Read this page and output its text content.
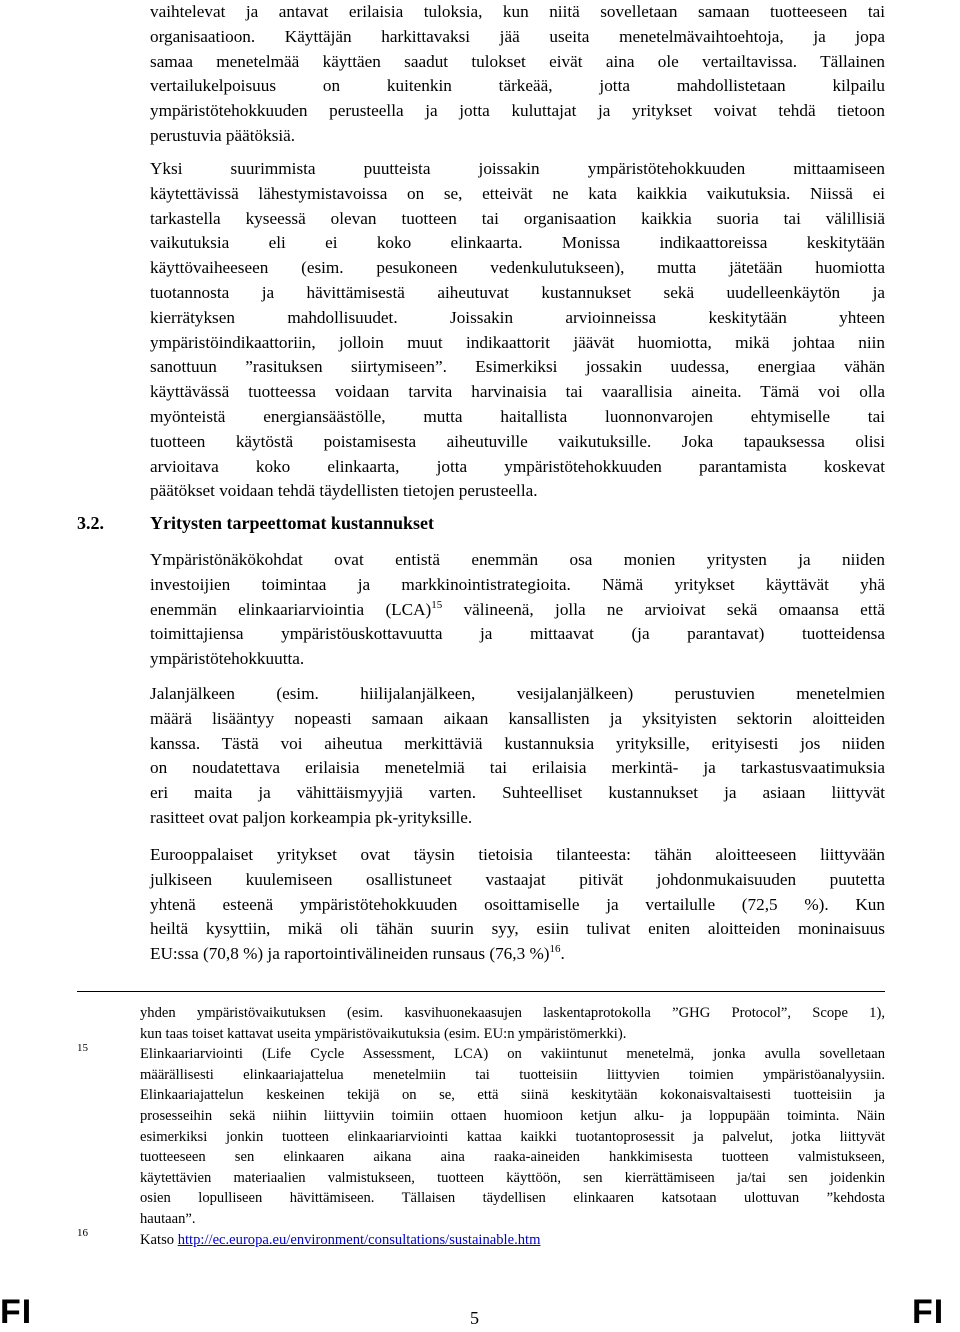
vaihtelevat ja antavat erilaisia tuloksia, kun niitä sovelletaan samaan tuotteeseen tai
organisaatioon. Käyttäjän harkittavaksi jää useita menetelmävaihtoehtoja, ja jopa
samaa menetelmää käyttäen saadut tulokset eivät aina ole vertailtavissa. Tällainen
vertailukelpoisuus on kuitenkin tärkeää, jotta mahdollistetaan kilpailu
ympäristötehokkuuden perusteella ja jotta kuluttajat ja yritykset voivat tehdä tietoon
perustuvia päätöksiä.
Yksi suurimmista puutteista joissakin ympäristötehokkuuden mittaamiseen
käytettävissä lähestymistavoissa on se, etteivät ne kata kaikkia vaikutuksia. Niissä ei
tarkastella kyseessä olevan tuotteen tai organisaation kaikkia suoria tai välillisiä
vaikutuksia eli ei koko elinkaarta. Monissa indikaattoreissa keskitytään
käyttövaiheeseen (esim. pesukoneen vedenkulutukseen), mutta jätetään huomiotta
tuotannosta ja hävittämisestä aiheutuvat kustannukset sekä uudelleenkäytön ja
kierrätyksen mahdollisuudet. Joissakin arvioinneissa keskitytään yhteen
ympäristöindikaattoriin, jolloin muut indikaattorit jäävät huomiotta, mikä johtaa niin
sanottuun ”rasituksen siirtymiseen”. Esimerkiksi jossakin uudessa, energiaa vähän
käyttävässä tuotteessa voidaan tarvita harvinaisia tai vaarallisia aineita. Tämä voi olla
myönteistä energiansäästölle, mutta haitallista luonnonvarojen ehtymiselle tai
tuotteen käytöstä poistamisesta aiheutuville vaikutuksille. Joka tapauksessa olisi
arvioitava koko elinkaarta, jotta ympäristötehokkuuden parantamista koskevat
päätökset voidaan tehdä täydellisten tietojen perusteella.
3.2.	Yritysten tarpeettomat kustannukset
Ympäristönäkökohdat ovat entistä enemmän osa monien yritysten ja niiden
investoijien toimintaa ja markkinointistrategioita. Nämä yritykset käyttävät yhä
enemmän elinkaariarviointia (LCA)$^{15}$ välineenä, jolla ne arvioivat sekä omaansa että
toimittajiensa ympäristöuskottavuutta ja mittaavat (ja parantavat) tuotteidensa
ympäristötehokkuutta.
Jalanjälkeen (esim. hiilijalanjälkeen, vesijalanjälkeen) perustuvien menetelmien
määrä lisääntyy nopeasti samaan aikaan kansallisten ja yksityisten sektorin aloitteiden
kanssa. Tästä voi aiheutua merkittäviä kustannuksia yrityksille, erityisesti jos niiden
on noudatettava erilaisia menetelmiä tai erilaisia merkintä- ja tarkastusvaatimuksia
eri maita ja vähittäismyyjiä varten. Suhteelliset kustannukset ja asiaan liittyvät
rasitteet ovat paljon korkeampia pk-yrityksille.
Eurooppalaiset yritykset ovat täysin tietoisia tilanteesta: tähän aloitteeseen liittyvään
julkiseen kuulemiseen osallistuneet vastaajat pitivät johdonmukaisuuden puutetta
yhtenä esteenä ympäristötehokkuuden osoittamiselle ja vertailulle (72,5 %). Kun
heiltä kysyttiin, mikä oli tähän suurin syy, esiin tulivat eniten aloitteiden moninaisuus
EU:ssa (70,8 %) ja raportointivälineiden runsaus (76,3 %)$^{16}$.
yhden ympäristövaikutuksen (esim. kasvihuonekaasujen laskentaprotokolla ”GHG Protocol”, Scope 1),
kun taas toiset kattavat useita ympäristövaikutuksia (esim. EU:n ympäristömerkki).
Elinkaariarviointi (Life Cycle Assessment, LCA) on vakiintunut menetelmä, jonka avulla sovelletaan
määrällisesti elinkaariajattelua menetelmiin tai tuotteisiin liittyvien toimien ympäristöanalyysiin.
Elinkaariajattelun keskeinen tekijä on se, että siinä keskitytään kokonaisvaltaisesti tuotteisiin ja
prosesseihin sekä niihin liittyviin toimiin ottaen huomioon ketjun alku- ja loppupään toiminta. Näin
esimerkiksi jonkin tuotteen elinkaariarviointi kattaa kaikki tuotantoprosessit ja palvelut, jotka liittyvät
tuotteeseen sen elinkaaren aikana aina raaka-aineiden hankkimisesta tuotteen valmistukseen,
käytettävien materiaalien valmistukseen, tuotteen käyttöön, sen kierrättämiseen ja/tai sen joidenkin
osien lopulliseen hävittämiseen. Tällaisen täydellisen elinkaaren katsotaan ulottuvan ”kehdosta
hautaan”.
Katso http://ec.europa.eu/environment/consultations/sustainable.htm
15
16
FI	5	FI
